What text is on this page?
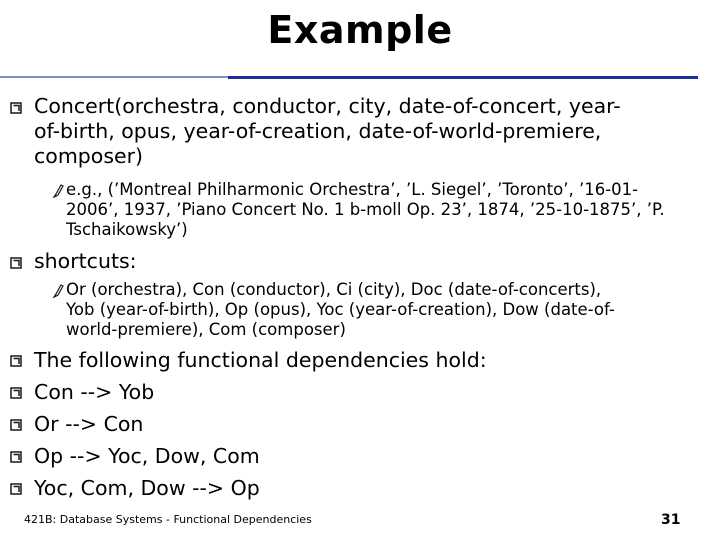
Example
Concert(orchestra, conductor, city, date-of-concert, year-
of-birth, opus, year-of-creation, date-of-world-premiere,
composer)
e.g., (’Montreal Philharmonic Orchestra’, ’L. Siegel’, ’Toronto’, ’16-01-
2006’, 1937, ’Piano Concert No. 1 b-moll Op. 23’, 1874, ’25-10-1875’, ’P.
Tschaikowsky’)
shortcuts:
Or (orchestra), Con (conductor), Ci (city), Doc (date-of-concerts),
Yob (year-of-birth), Op (opus), Yoc (year-of-creation), Dow (date-of-
world-premiere), Com (composer)
The following functional dependencies hold:
Con --> Yob
Or --> Con
Op --> Yoc, Dow, Com
Yoc, Com, Dow --> Op
421B: Database Systems - Functional Dependencies	31
